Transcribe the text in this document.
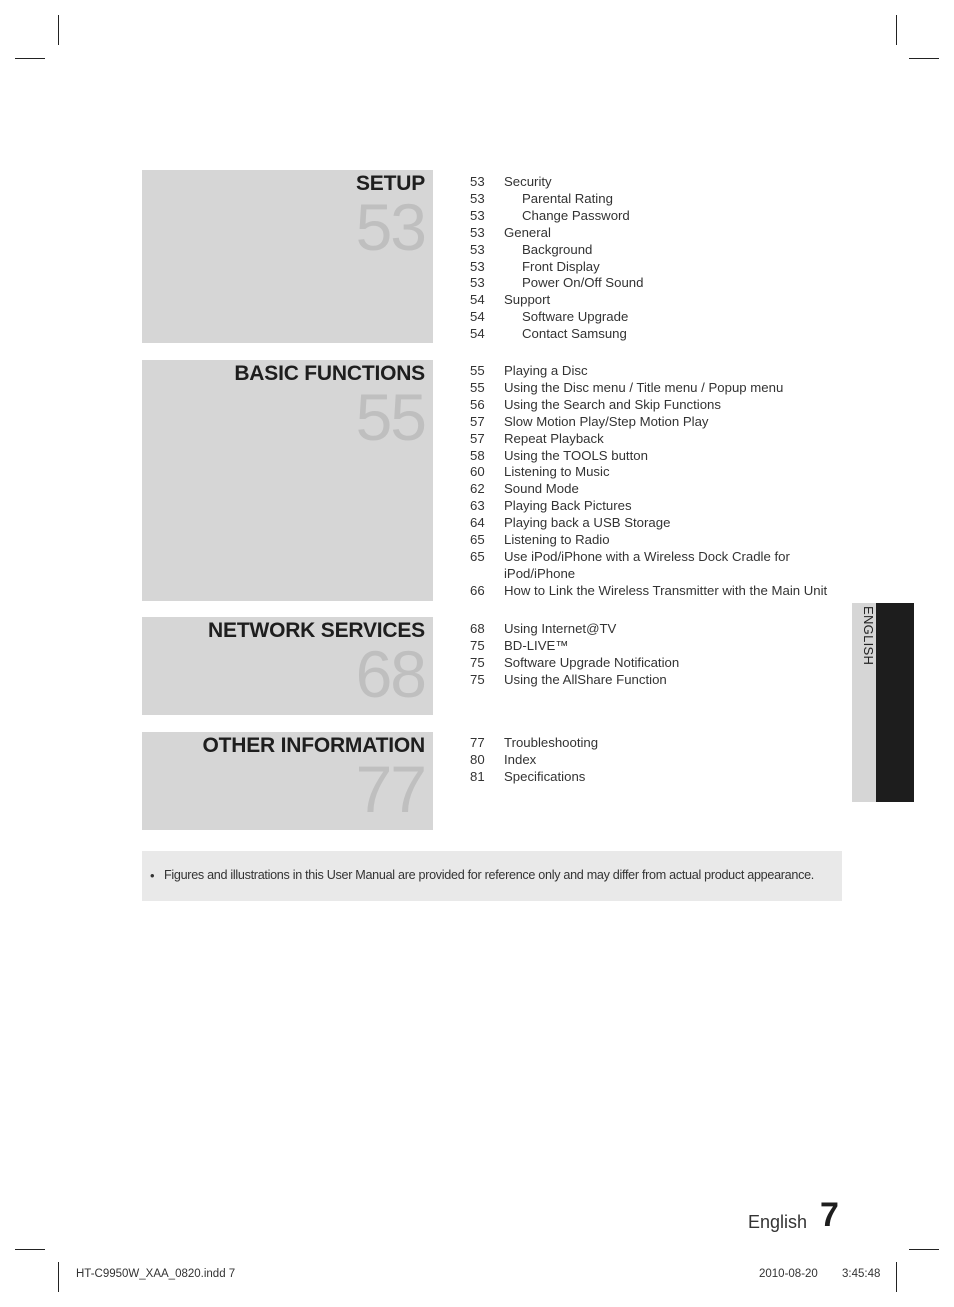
SETUP
53
53	Security
53	Parental Rating
53	Change Password
53	General
53	Background
53	Front Display
53	Power On/Off Sound
54	Support
54	Software Upgrade
54	Contact Samsung
BASIC FUNCTIONS
55
55	Playing a Disc
55	Using the Disc menu / Title menu / Popup menu
56	Using the Search and Skip Functions
57	Slow Motion Play/Step Motion Play
57	Repeat Playback
58	Using the TOOLS button
60	Listening to Music
62	Sound Mode
63	Playing Back Pictures
64	Playing back a USB Storage
65	Listening to Radio
65	Use iPod/iPhone with a Wireless Dock Cradle for iPod/iPhone
66	How to Link the Wireless Transmitter with the Main Unit
NETWORK SERVICES
68
68	Using Internet@TV
75	BD-LIVE™
75	Software Upgrade Notification
75	Using the AllShare Function
OTHER INFORMATION
77
77	Troubleshooting
80	Index
81	Specifications
ENGLISH
• Figures and illustrations in this User Manual are provided for reference only and may differ from actual product appearance.
English 7
HT-C9950W_XAA_0820.indd 7	2010-08-20 3:45:48
